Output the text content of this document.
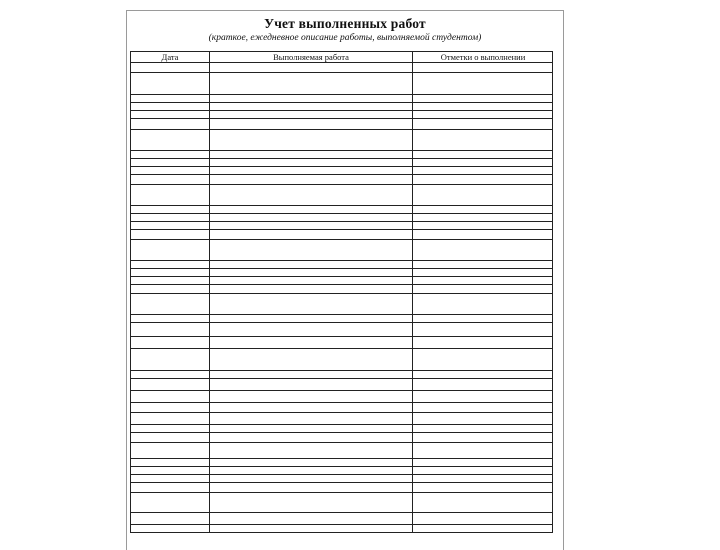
Учет выполненных работ
(краткое, ежедневное описание работы, выполняемой студентом)
Дата	Выполняемая работа	Отметки о выполнении
